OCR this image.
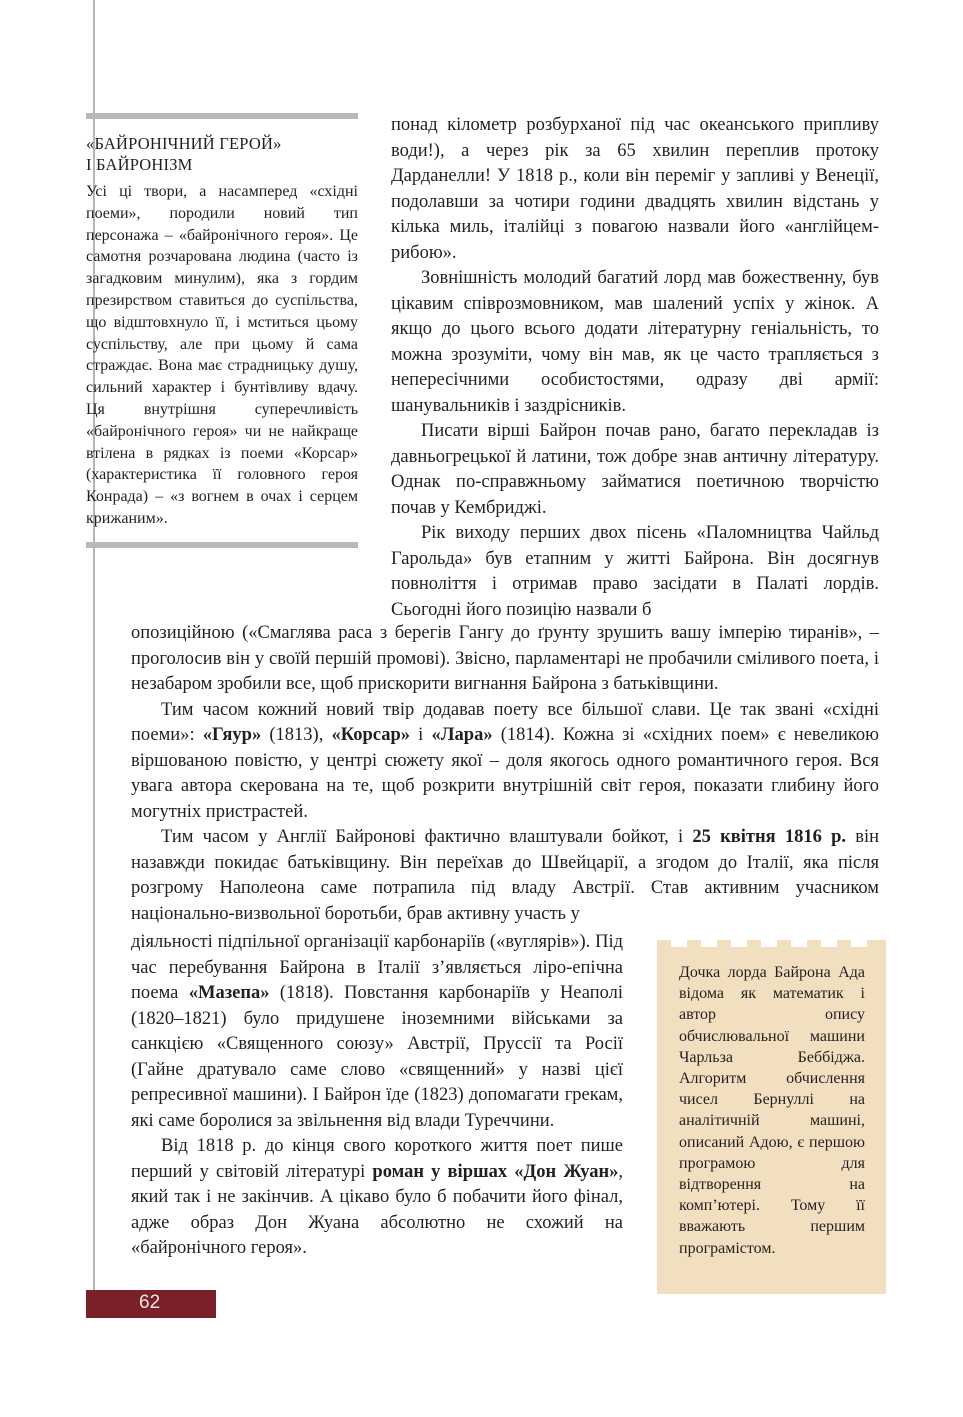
«БАЙРОНІЧНИЙ ГЕРОЙ»
І БАЙРОНІЗМ

Усі ці твори, а насамперед «східні поеми», породили новий тип персонажа – «байронічного героя». Це самотня розчарована людина (часто із загадковим минулим), яка з гордим презирством ставиться до суспільства, що відштовхнуло її, і мститься цьому суспільству, але при цьому й сама страждає. Вона має страдницьку душу, сильний характер і бунтівливу вдачу. Ця внутрішня суперечливість «байронічного героя» чи не найкраще втілена в рядках із поеми «Корсар» (характеристика її головного героя Конрада) – «з вогнем в очах і серцем крижаним».

понад кілометр розбурханої під час океанського припливу води!), а через рік за 65 хвилин переплив протоку Дарданелли! У 1818 р., коли він переміг у запливі у Венеції, подолавши за чотири години двадцять хвилин відстань у кілька миль, італійці з повагою назвали його «англійцем-рибою».

Зовнішність молодий багатий лорд мав божественну, був цікавим співрозмовником, мав шалений успіх у жінок. А якщо до цього всього додати літературну геніальність, то можна зрозуміти, чому він мав, як це часто трапляється з непересічними особистостями, одразу дві армії: шанувальників і заздрісників.

Писати вірші Байрон почав рано, багато перекладав із давньогрецької й латини, тож добре знав античну літературу. Однак по-справжньому займатися поетичною творчістю почав у Кембриджі.

Рік виходу перших двох пісень «Паломництва Чайльд Гарольда» був етапним у житті Байрона. Він досягнув повноліття і отримав право засідати в Палаті лордів. Сьогодні його позицію назвали б

опозиційною («Смаглява раса з берегів Гангу до ґрунту зрушить вашу імперію тиранів», – проголосив він у своїй першій промові). Звісно, парламентарі не пробачили сміливого поета, і незабаром зробили все, щоб прискорити вигнання Байрона з батьківщини.

Тим часом кожний новий твір додавав поету все більшої слави. Це так звані «східні поеми»: «Гяур» (1813), «Корсар» і «Лара» (1814). Кожна зі «східних поем» є невеликою віршованою повістю, у центрі сюжету якої – доля якогось одного романтичного героя. Вся увага автора скерована на те, щоб розкрити внутрішній світ героя, показати глибину його могутніх пристрастей.

Тим часом у Англії Байронові фактично влаштували бойкот, і 25 квітня 1816 р. він назавжди покидає батьківщину. Він переїхав до Швейцарії, а згодом до Італії, яка після розгрому Наполеона саме потрапила під владу Австрії. Став активним учасником національно-визвольної боротьби, брав активну участь у

діяльності підпільної організації карбонаріїв («вуглярів»). Під час перебування Байрона в Італії з’являється ліро-епічна поема «Мазепа» (1818). Повстання карбонаріїв у Неаполі (1820–1821) було придушене іноземними військами за санкцією «Священного союзу» Австрії, Пруссії та Росії (Гайне дратувало саме слово «священний» у назві цієї репресивної машини). І Байрон їде (1823) допомагати грекам, які саме боролися за звільнення від влади Туреччини.

Від 1818 р. до кінця свого короткого життя поет пише перший у світовій літературі роман у віршах «Дон Жуан», який так і не закінчив. А цікаво було б побачити його фінал, адже образ Дон Жуана абсолютно не схожий на «байронічного героя».

Дочка лорда Байрона Ада відома як математик і автор опису обчислювальної машини Чарльза Беббіджа. Алгоритм обчислення чисел Бернуллі на аналітичній машині, описаний Адою, є першою програмою для відтворення на комп’ютері. Тому її вважають першим програмістом.

62
